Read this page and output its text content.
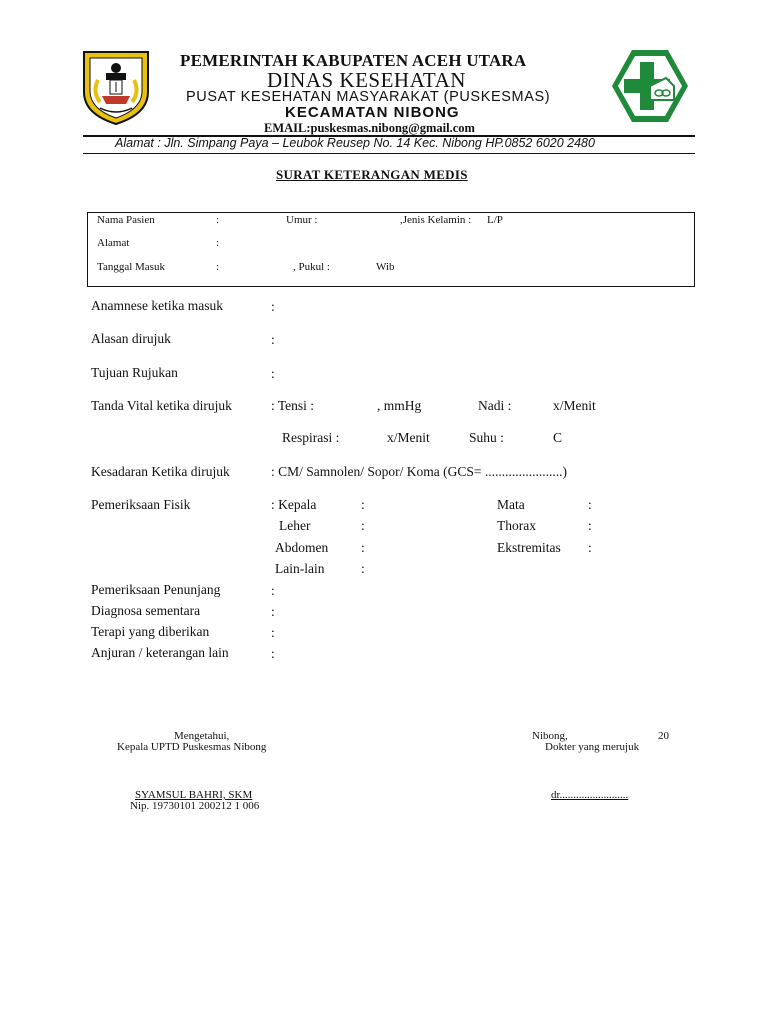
PEMERINTAH KABUPATEN ACEH UTARA
DINAS KESEHATAN
PUSAT KESEHATAN MASYARAKAT (PUSKESMAS)
KECAMATAN NIBONG
EMAIL:puskesmas.nibong@gmail.com
Alamat : Jln. Simpang Paya – Leubok Reusep No. 14 Kec. Nibong HP.0852 6020 2480
SURAT KETERANGAN MEDIS
Nama Pasien	:	Umur :	,Jenis Kelamin : L/P
Alamat	:
Tanggal Masuk	:	, Pukul :	Wib
Anamnese ketika masuk	:
Alasan dirujuk	:
Tujuan Rujukan	:
Tanda Vital ketika dirujuk	: Tensi :	, mmHg	Nadi :	x/Menit
Respirasi :	x/Menit	Suhu :	C
Kesadaran Ketika dirujuk	: CM/ Samnolen/ Sopor/ Koma (GCS= .......................)
Pemeriksaan Fisik	: Kepala	:	Mata	:
Leher	:	Thorax	:
Abdomen :	Ekstremitas :
Lain-lain	:
Pemeriksaan Penunjang	:
Diagnosa sementara	:
Terapi yang diberikan	:
Anjuran / keterangan lain	:
Mengetahui,
Kepala UPTD Puskesmas Nibong
SYAMSUL BAHRI, SKM
Nip. 19730101 200212 1 006
Nibong,	20
Dokter yang merujuk
dr.........................
